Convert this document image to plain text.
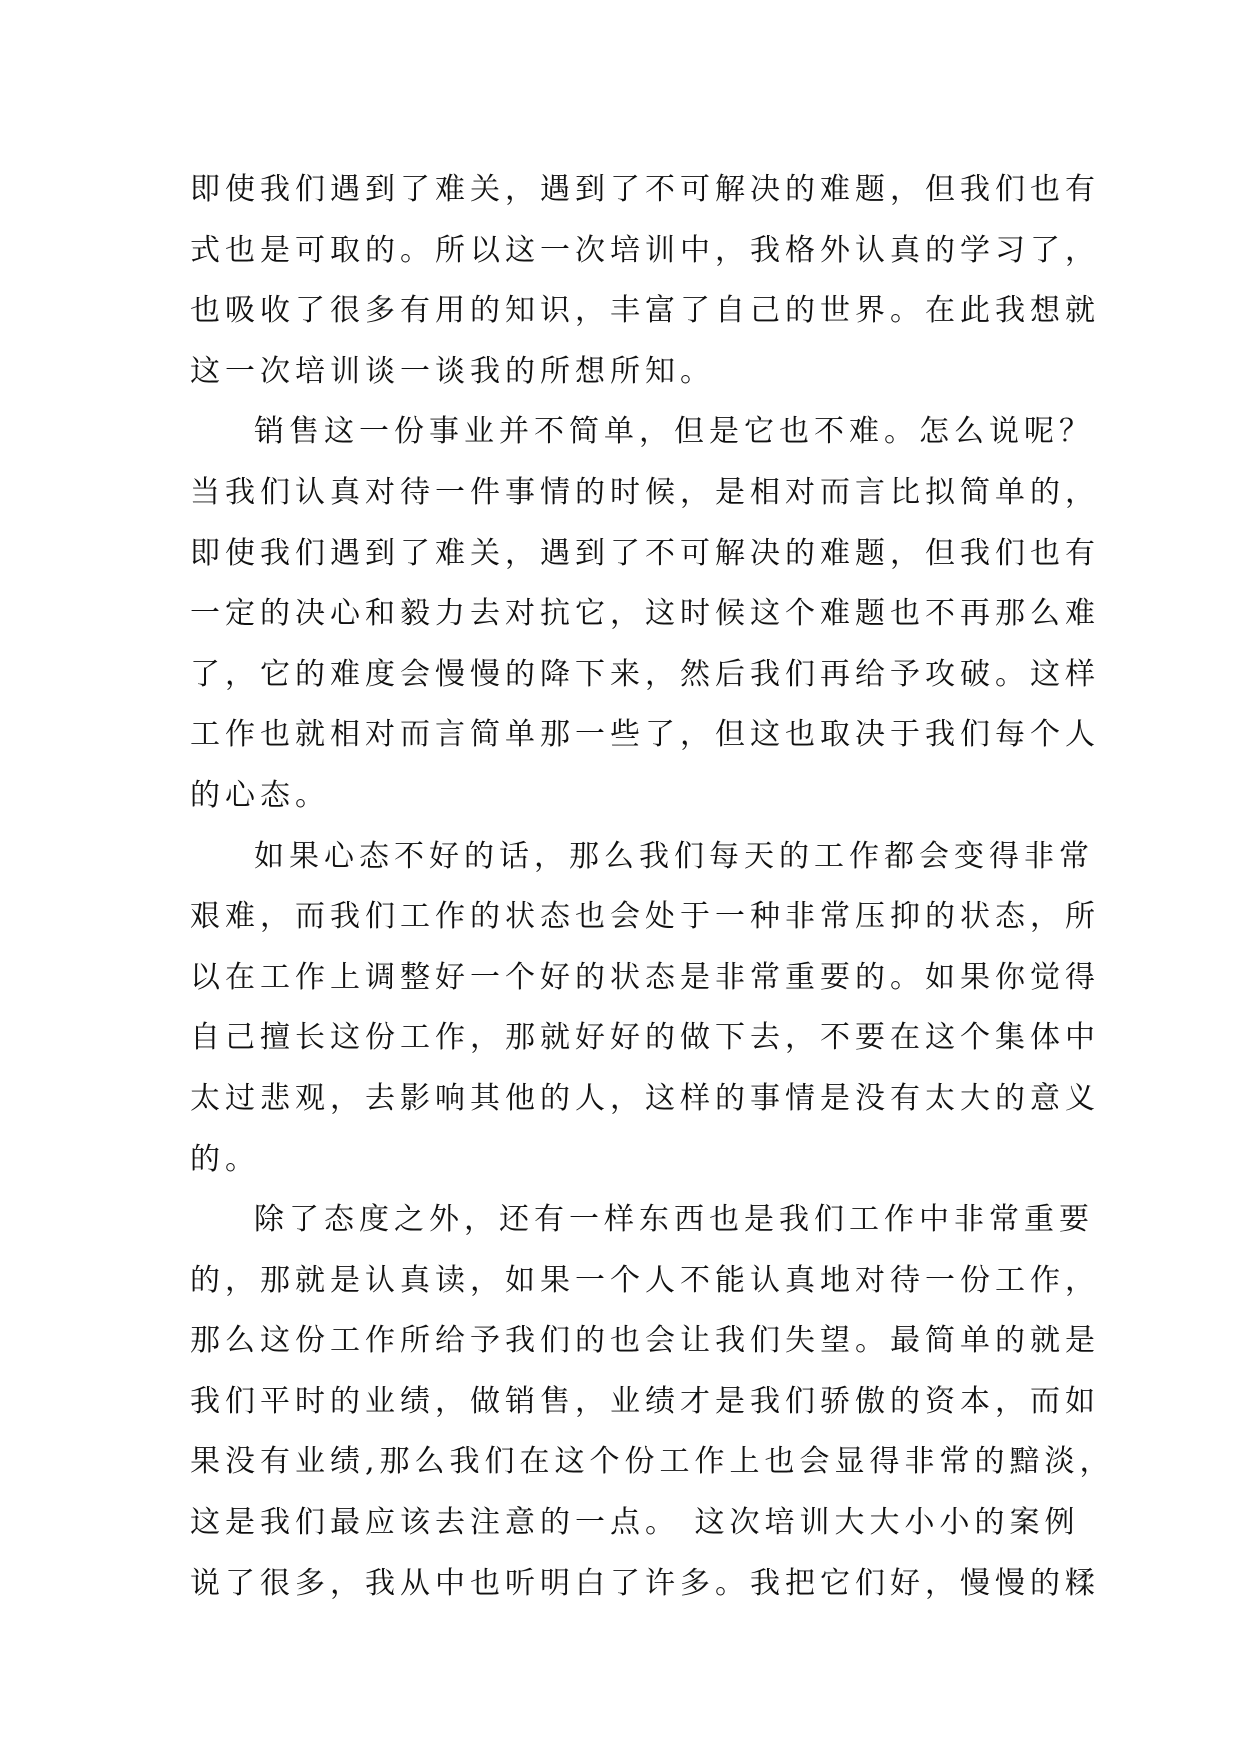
即使我们遇到了难关，遇到了不可解决的难题，但我们也有
式也是可取的。所以这一次培训中，我格外认真的学习了，
也吸收了很多有用的知识，丰富了自己的世界。在此我想就
这一次培训谈一谈我的所想所知。
销售这一份事业并不简单，但是它也不难。怎么说呢？
当我们认真对待一件事情的时候，是相对而言比拟简单的，
即使我们遇到了难关，遇到了不可解决的难题，但我们也有
一定的决心和毅力去对抗它，这时候这个难题也不再那么难
了，它的难度会慢慢的降下来，然后我们再给予攻破。这样
工作也就相对而言简单那一些了，但这也取决于我们每个人
的心态。
如果心态不好的话，那么我们每天的工作都会变得非常
艰难，而我们工作的状态也会处于一种非常压抑的状态，所
以在工作上调整好一个好的状态是非常重要的。如果你觉得
自己擅长这份工作，那就好好的做下去，不要在这个集体中
太过悲观，去影响其他的人，这样的事情是没有太大的意义
的。
除了态度之外，还有一样东西也是我们工作中非常重要
的，那就是认真读，如果一个人不能认真地对待一份工作，
那么这份工作所给予我们的也会让我们失望。最简单的就是
我们平时的业绩，做销售，业绩才是我们骄傲的资本，而如
果没有业绩,那么我们在这个份工作上也会显得非常的黯淡，
这是我们最应该去注意的一点。 这次培训大大小小的案例
说了很多，我从中也听明白了许多。我把它们好，慢慢的糅
